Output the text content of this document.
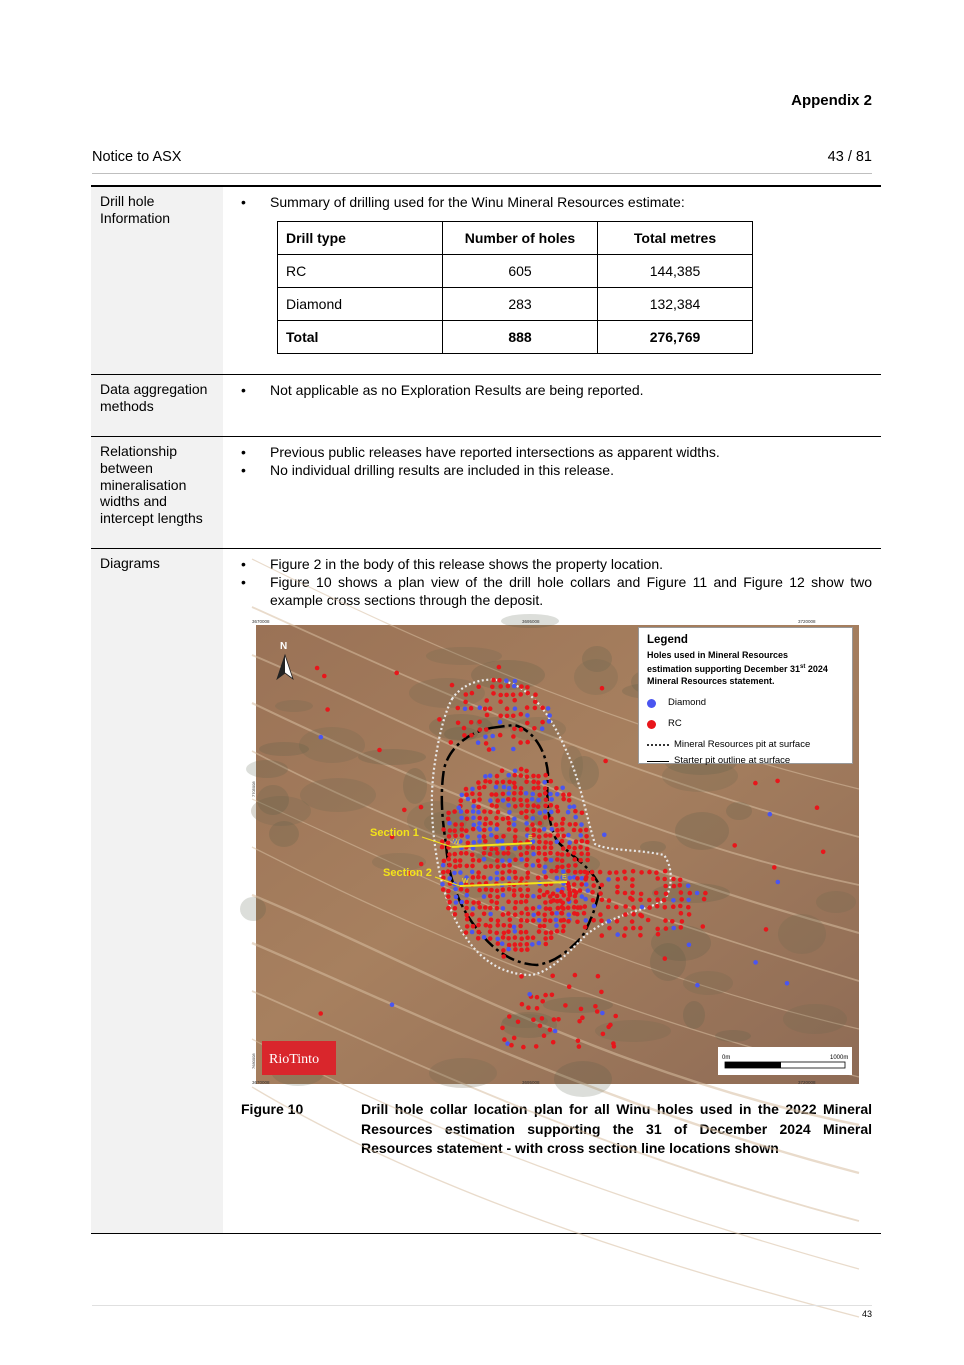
Appendix 2
Notice to ASX	43 / 81
Drill hole Information
• Summary of drilling used for the Winu Mineral Resources estimate:
Drill type	Number of holes	Total metres
RC	605	144,385
Diamond	283	132,384
Total	888	276,769
Data aggregation methods
• Not applicable as no Exploration Results are being reported.
Relationship between mineralisation widths and intercept lengths
• Previous public releases have reported intersections as apparent widths.
• No individual drilling results are included in this release.
Diagrams	• Figure 2 in the body of this release shows the property location.
• Figure 10 shows a plan view of the drill hole collars and Figure 11 and Figure 12 show two example cross sections through the deposit.
Section 1
Section 2
W
E
W
E
N
3670008	3695008	3720008
RioTinto	0m	1000m
3670008	3695008	3720008
7705008
7680008
Legend
Holes used in Mineral Resources
estimation supporting December 31st 2024
Mineral Resources statement.
Diamond
RC
Mineral Resources pit at surface
Starter pit outline at surface
Figure 10	Drill hole collar location plan for all Winu holes used in the 2022 Mineral Resources estimation supporting the 31 of December 2024 Mineral Resources statement - with cross section line locations shown
43
